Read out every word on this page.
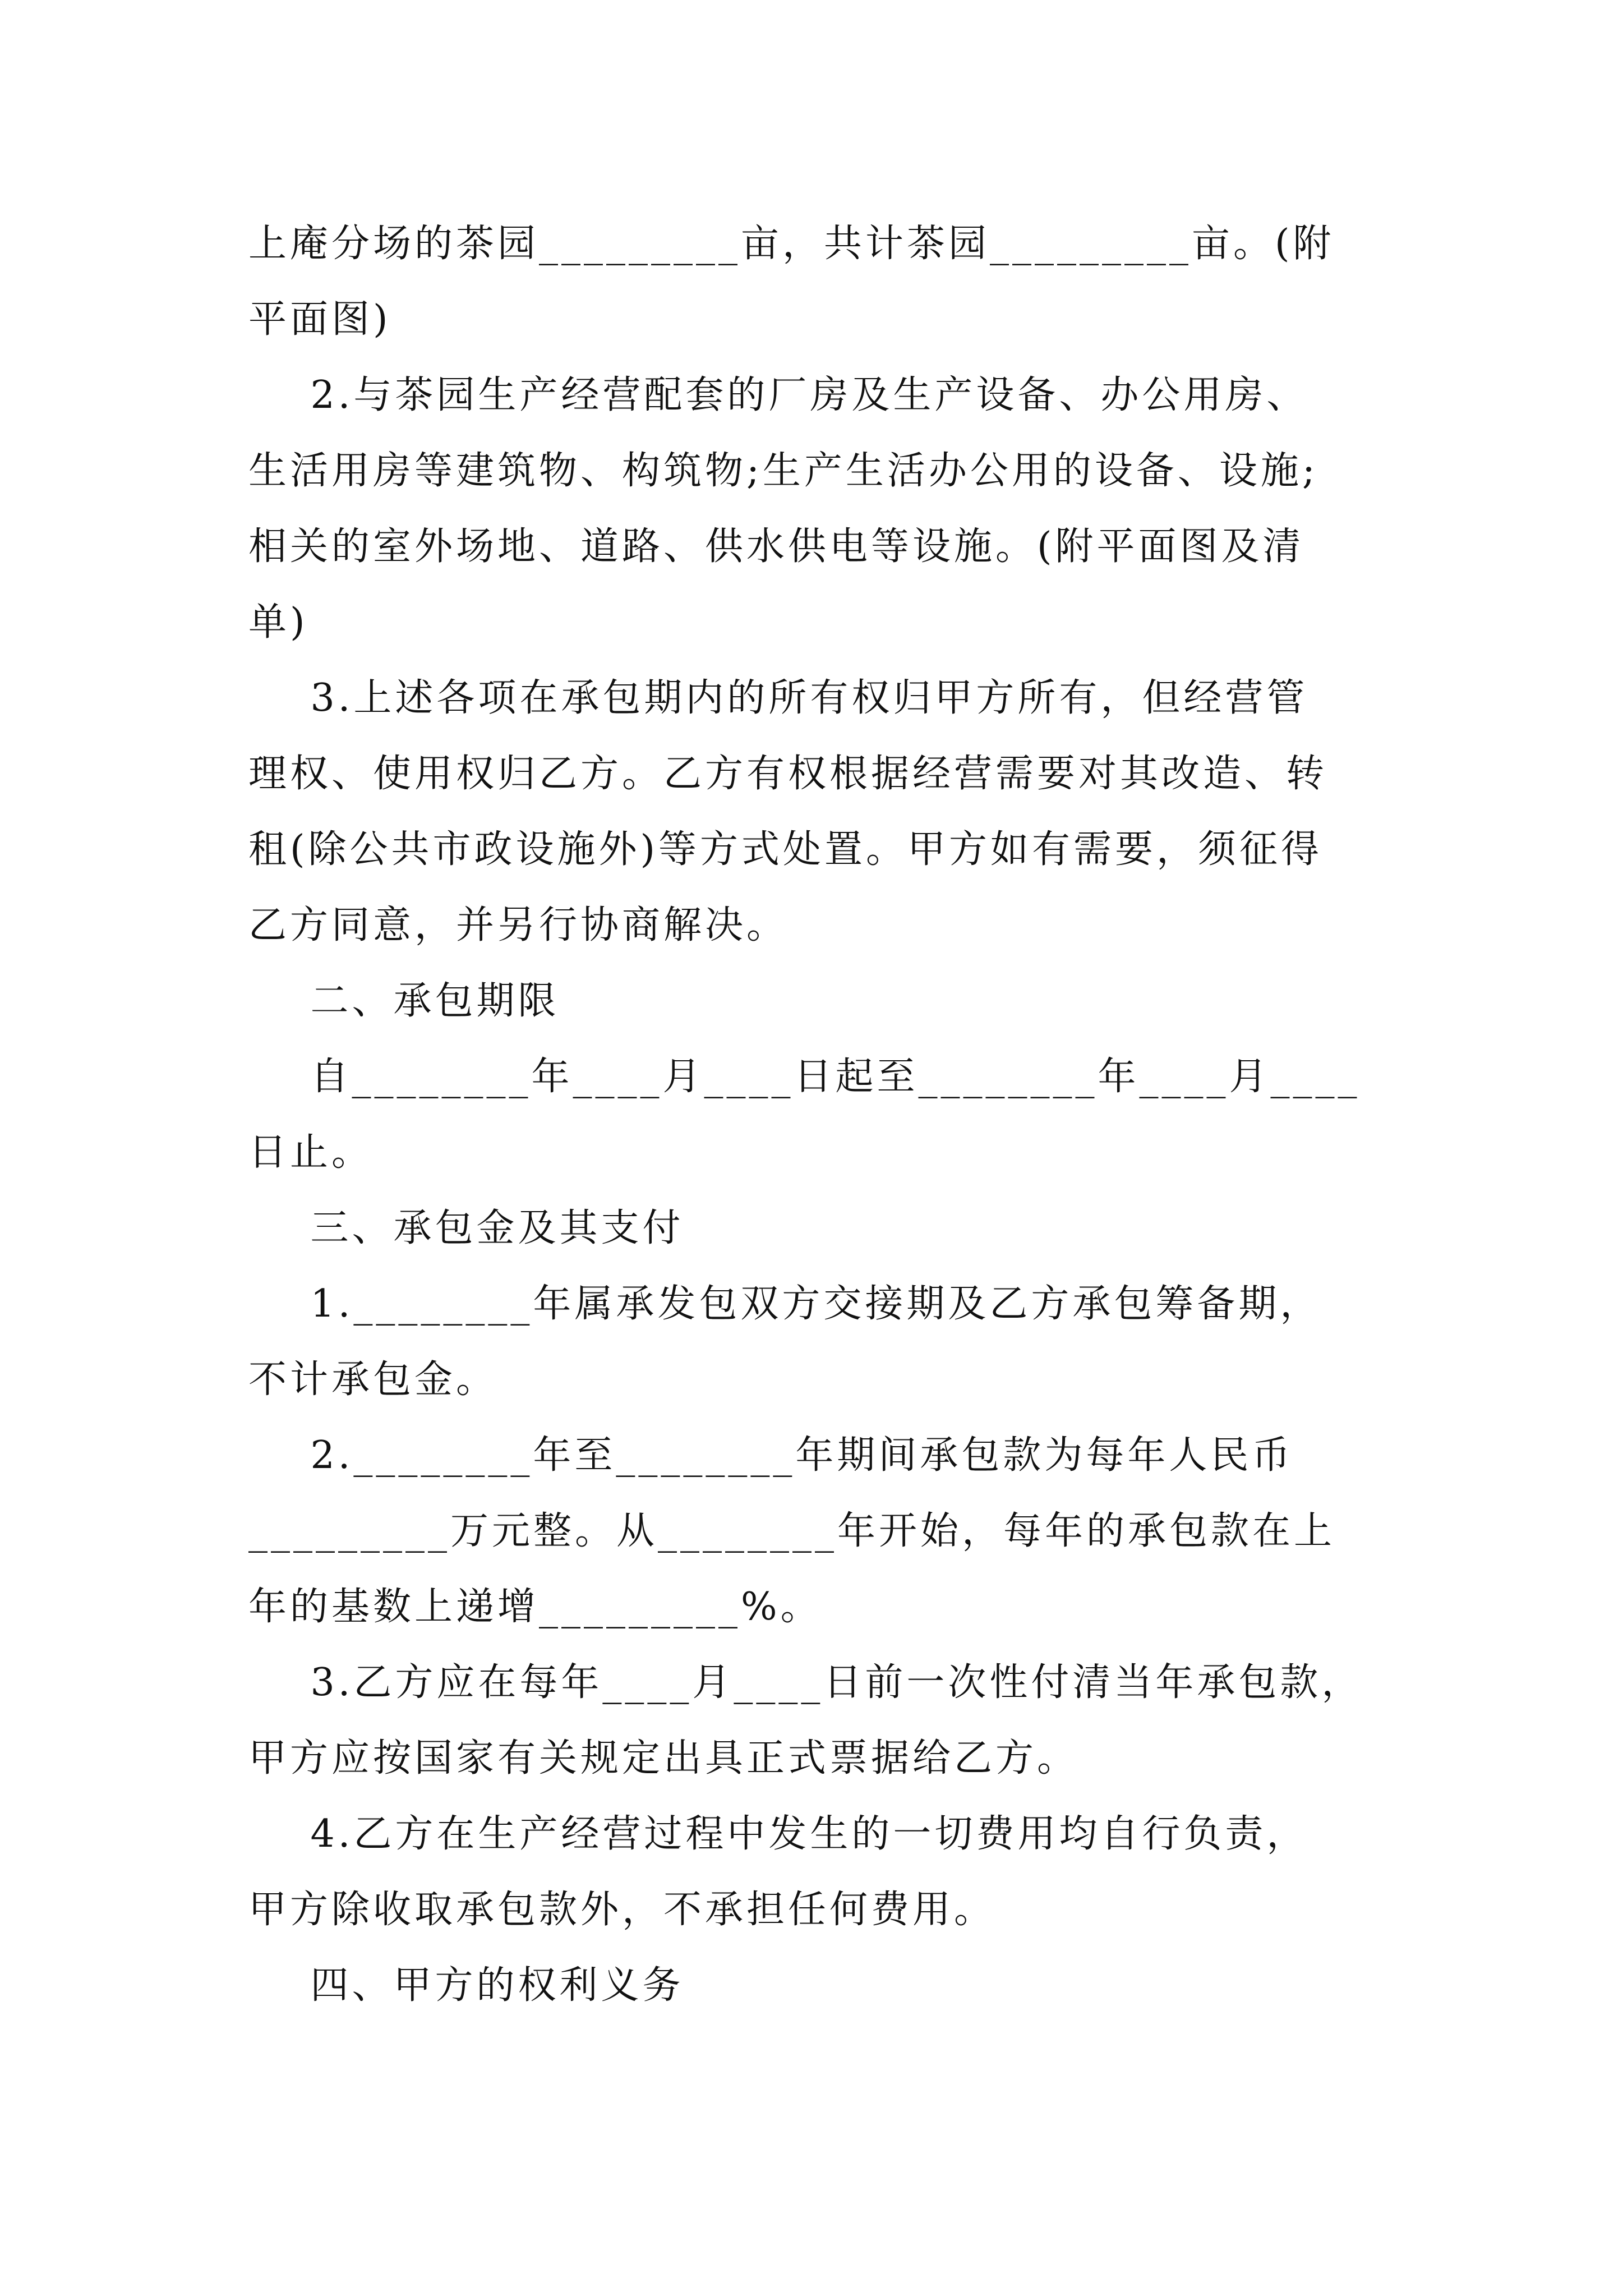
上庵分场的茶园_________亩，共计茶园_________亩。(附
平面图)
2.与茶园生产经营配套的厂房及生产设备、办公用房、
生活用房等建筑物、构筑物;生产生活办公用的设备、设施;
相关的室外场地、道路、供水供电等设施。(附平面图及清
单)
3.上述各项在承包期内的所有权归甲方所有，但经营管
理权、使用权归乙方。乙方有权根据经营需要对其改造、转
租(除公共市政设施外)等方式处置。甲方如有需要，须征得
乙方同意，并另行协商解决。
二、承包期限
自________年____月____日起至________年____月____
日止。
三、承包金及其支付
1.________年属承发包双方交接期及乙方承包筹备期，
不计承包金。
2.________年至________年期间承包款为每年人民币
_________万元整。从________年开始，每年的承包款在上
年的基数上递增_________%。
3.乙方应在每年____月____日前一次性付清当年承包款，
甲方应按国家有关规定出具正式票据给乙方。
4.乙方在生产经营过程中发生的一切费用均自行负责，
甲方除收取承包款外，不承担任何费用。
四、甲方的权利义务
